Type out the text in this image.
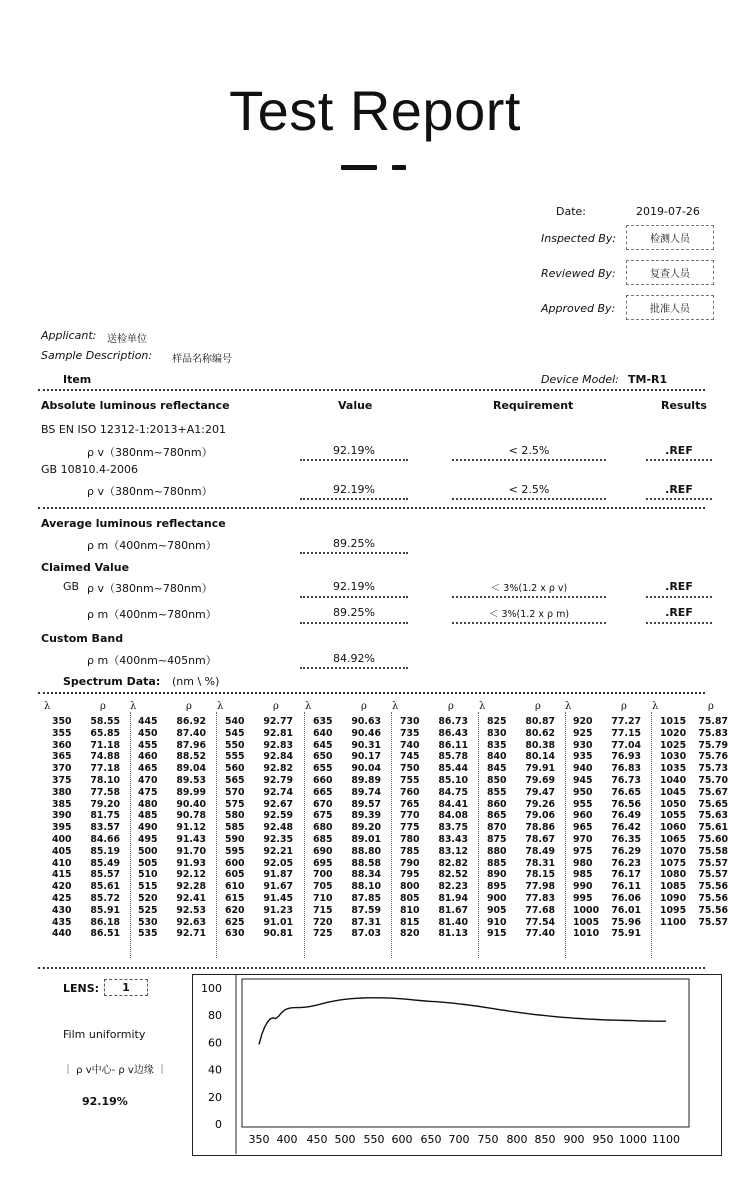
Test Report
Date:	2019-07-26
Inspected By:	检测人员
Reviewed By:	复查人员
Approved By:	批准人员
Applicant: 送检单位
Sample Description: 样品名称编号
Item	Device Model: TM-R1
Absolute luminous reflectance	Value	Requirement	Results
BS EN ISO 12312-1:2013+A1:201
ρ v（380nm~780nm）	92.19%	< 2.5%	.REF
GB 10810.4-2006
ρ v（380nm~780nm）	92.19%	< 2.5%	.REF
Average luminous reflectance
ρ m（400nm~780nm）	89.25%
Claimed Value
GB ρ v（380nm~780nm）	92.19%	＜ 3%(1.2 x ρ v)	.REF
ρ m（400nm~780nm）	89.25%	＜ 3%(1.2 x ρ m)	.REF
Custom Band
ρ m（400nm~405nm）	84.92%
Spectrum Data: (nm \ %)
λ	ρ
350	58.55
355	65.85
360	71.18
365	74.88
370	77.18
375	78.10
380	77.58
385	79.20
390	81.75
395	83.57
400	84.66
405	85.19
410	85.49
415	85.57
420	85.61
425	85.72
430	85.91
435	86.18
440	86.51
λ	ρ
445	86.92
450	87.40
455	87.96
460	88.52
465	89.04
470	89.53
475	89.99
480	90.40
485	90.78
490	91.12
495	91.43
500	91.70
505	91.93
510	92.12
515	92.28
520	92.41
525	92.53
530	92.63
535	92.71
λ	ρ
540	92.77
545	92.81
550	92.83
555	92.84
560	92.82
565	92.79
570	92.74
575	92.67
580	92.59
585	92.48
590	92.35
595	92.21
600	92.05
605	91.87
610	91.67
615	91.45
620	91.23
625	91.01
630	90.81
λ	ρ
635	90.63
640	90.46
645	90.31
650	90.17
655	90.04
660	89.89
665	89.74
670	89.57
675	89.39
680	89.20
685	89.01
690	88.80
695	88.58
700	88.34
705	88.10
710	87.85
715	87.59
720	87.31
725	87.03
λ	ρ
730	86.73
735	86.43
740	86.11
745	85.78
750	85.44
755	85.10
760	84.75
765	84.41
770	84.08
775	83.75
780	83.43
785	83.12
790	82.82
795	82.52
800	82.23
805	81.94
810	81.67
815	81.40
820	81.13
λ	ρ
825	80.87
830	80.62
835	80.38
840	80.14
845	79.91
850	79.69
855	79.47
860	79.26
865	79.06
870	78.86
875	78.67
880	78.49
885	78.31
890	78.15
895	77.98
900	77.83
905	77.68
910	77.54
915	77.40
λ	ρ
920	77.27
925	77.15
930	77.04
935	76.93
940	76.83
945	76.73
950	76.65
955	76.56
960	76.49
965	76.42
970	76.35
975	76.29
980	76.23
985	76.17
990	76.11
995	76.06
1000	76.01
1005	75.96
1010	75.91
λ	ρ
1015	75.87
1020	75.83
1025	75.79
1030	75.76
1035	75.73
1040	75.70
1045	75.67
1050	75.65
1055	75.63
1060	75.61
1065	75.60
1070	75.58
1075	75.57
1080	75.57
1085	75.56
1090	75.56
1095	75.56
1100	75.57
LENS:	1
Film uniformity
｜ ρ v中心- ρ v边缘 ｜
92.19%
100
80
60
40
20
0
350 400 450 500 550 600 650 700 750 800 850 900 950 1000 1100
